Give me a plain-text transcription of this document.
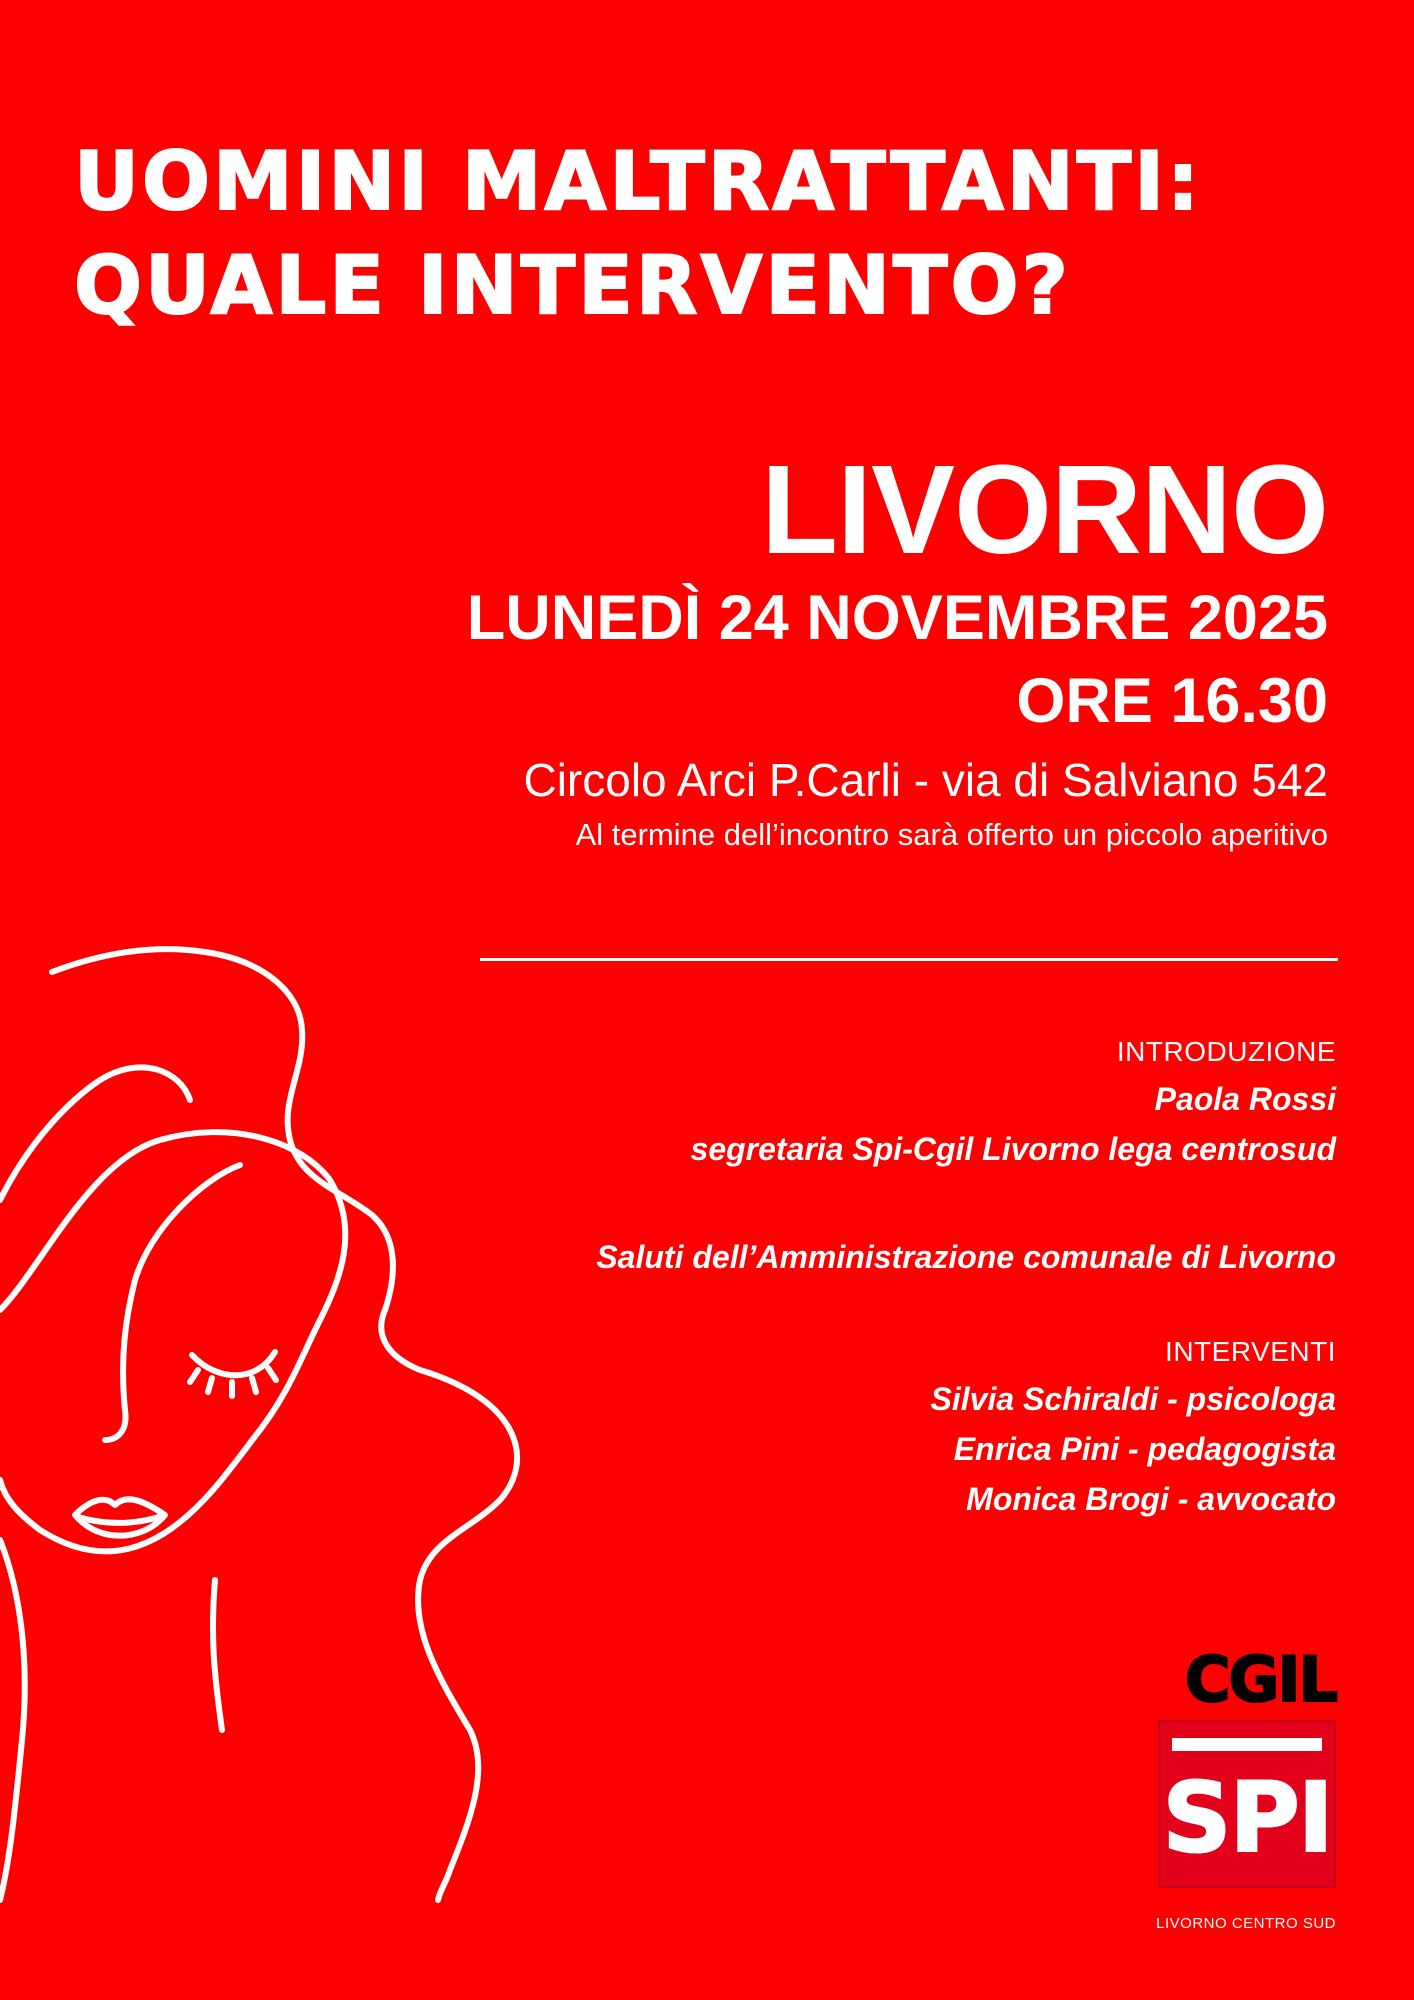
UOMINI MALTRATTANTI:
QUALE INTERVENTO?
LIVORNO
LUNEDÌ 24 NOVEMBRE 2025
ORE 16.30
Circolo Arci P.Carli - via di Salviano 542
Al termine dell’incontro sarà offerto un piccolo aperitivo
INTRODUZIONE
Paola Rossi
segretaria Spi-Cgil Livorno lega centrosud
Saluti dell’Amministrazione comunale di Livorno
INTERVENTI
Silvia Schiraldi - psicologa
Enrica Pini - pedagogista
Monica Brogi - avvocato
CGIL
SPI
LIVORNO CENTRO SUD
